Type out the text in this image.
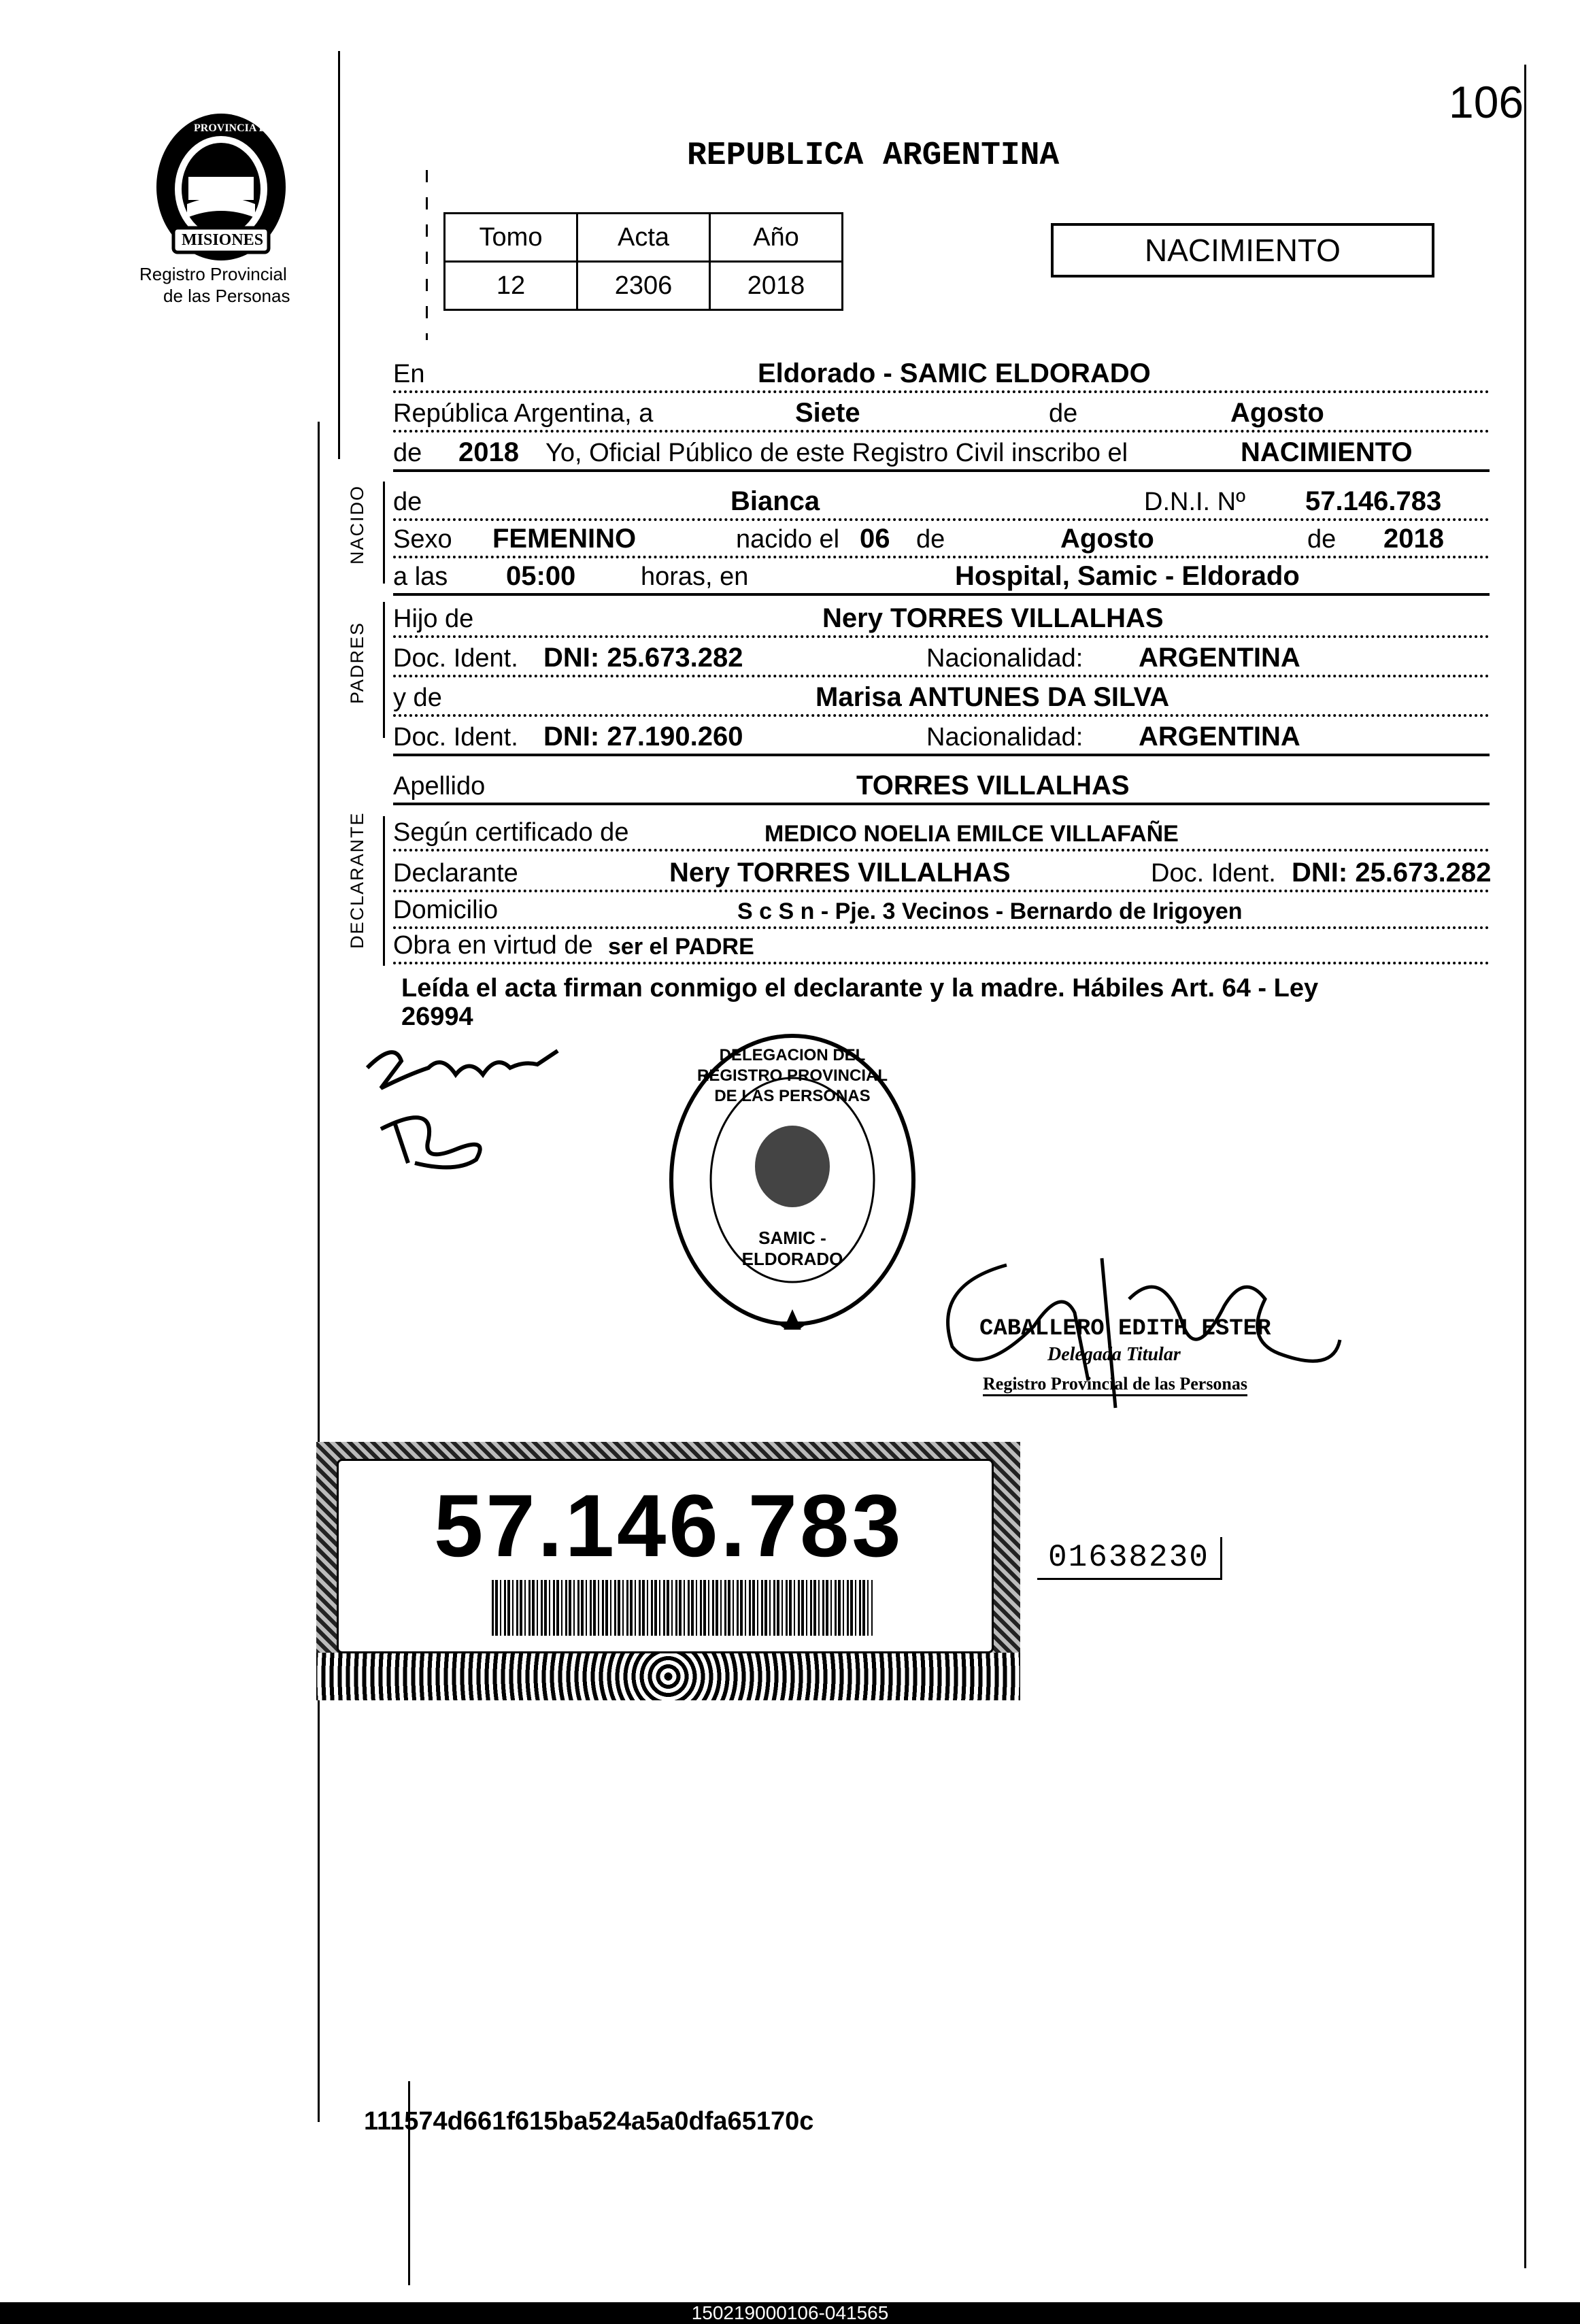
106
PROVINCIA DE
MISIONES
Registro Provincial
de las Personas
REPUBLICA ARGENTINA
Tomo	Acta	Año
12	2306	2018
NACIMIENTO
En	Eldorado - SAMIC ELDORADO
República Argentina, a	Siete	de	Agosto
de 2018 Yo, Oficial Público de este Registro Civil inscribo el	NACIMIENTO
NACIDO de	Bianca	D.N.I. Nº 57.146.783
Sexo FEMENINO	nacido el 06 de	Agosto	de 2018
a las 05:00	horas, en	Hospital, Samic - Eldorado
PADRES
Hijo de	Nery TORRES VILLALHAS
Doc. Ident. DNI: 25.673.282	Nacionalidad: ARGENTINA
y de	Marisa ANTUNES DA SILVA
Doc. Ident. DNI: 27.190.260	Nacionalidad: ARGENTINA
Apellido	TORRES VILLALHAS
DECLARANTE Según certificado de	MEDICO NOELIA EMILCE VILLAFAÑE
Declarante	Nery TORRES VILLALHAS	Doc. Ident. DNI: 25.673.282
Domicilio	S c S n - Pje. 3 Vecinos - Bernardo de Irigoyen
Obra en virtud de ser el PADRE
Leída el acta firman conmigo el declarante y la madre. Hábiles Art. 64 - Ley
26994
DELEGACION DEL REGISTRO PROVINCIAL DE LAS PERSONAS
SAMIC - ELDORADO
CABALLERO EDITH ESTER
Delegada Titular
Registro Provincial de las Personas
57.146.783	01638230
111574d661f615ba524a5a0dfa65170c
150219000106-041565
